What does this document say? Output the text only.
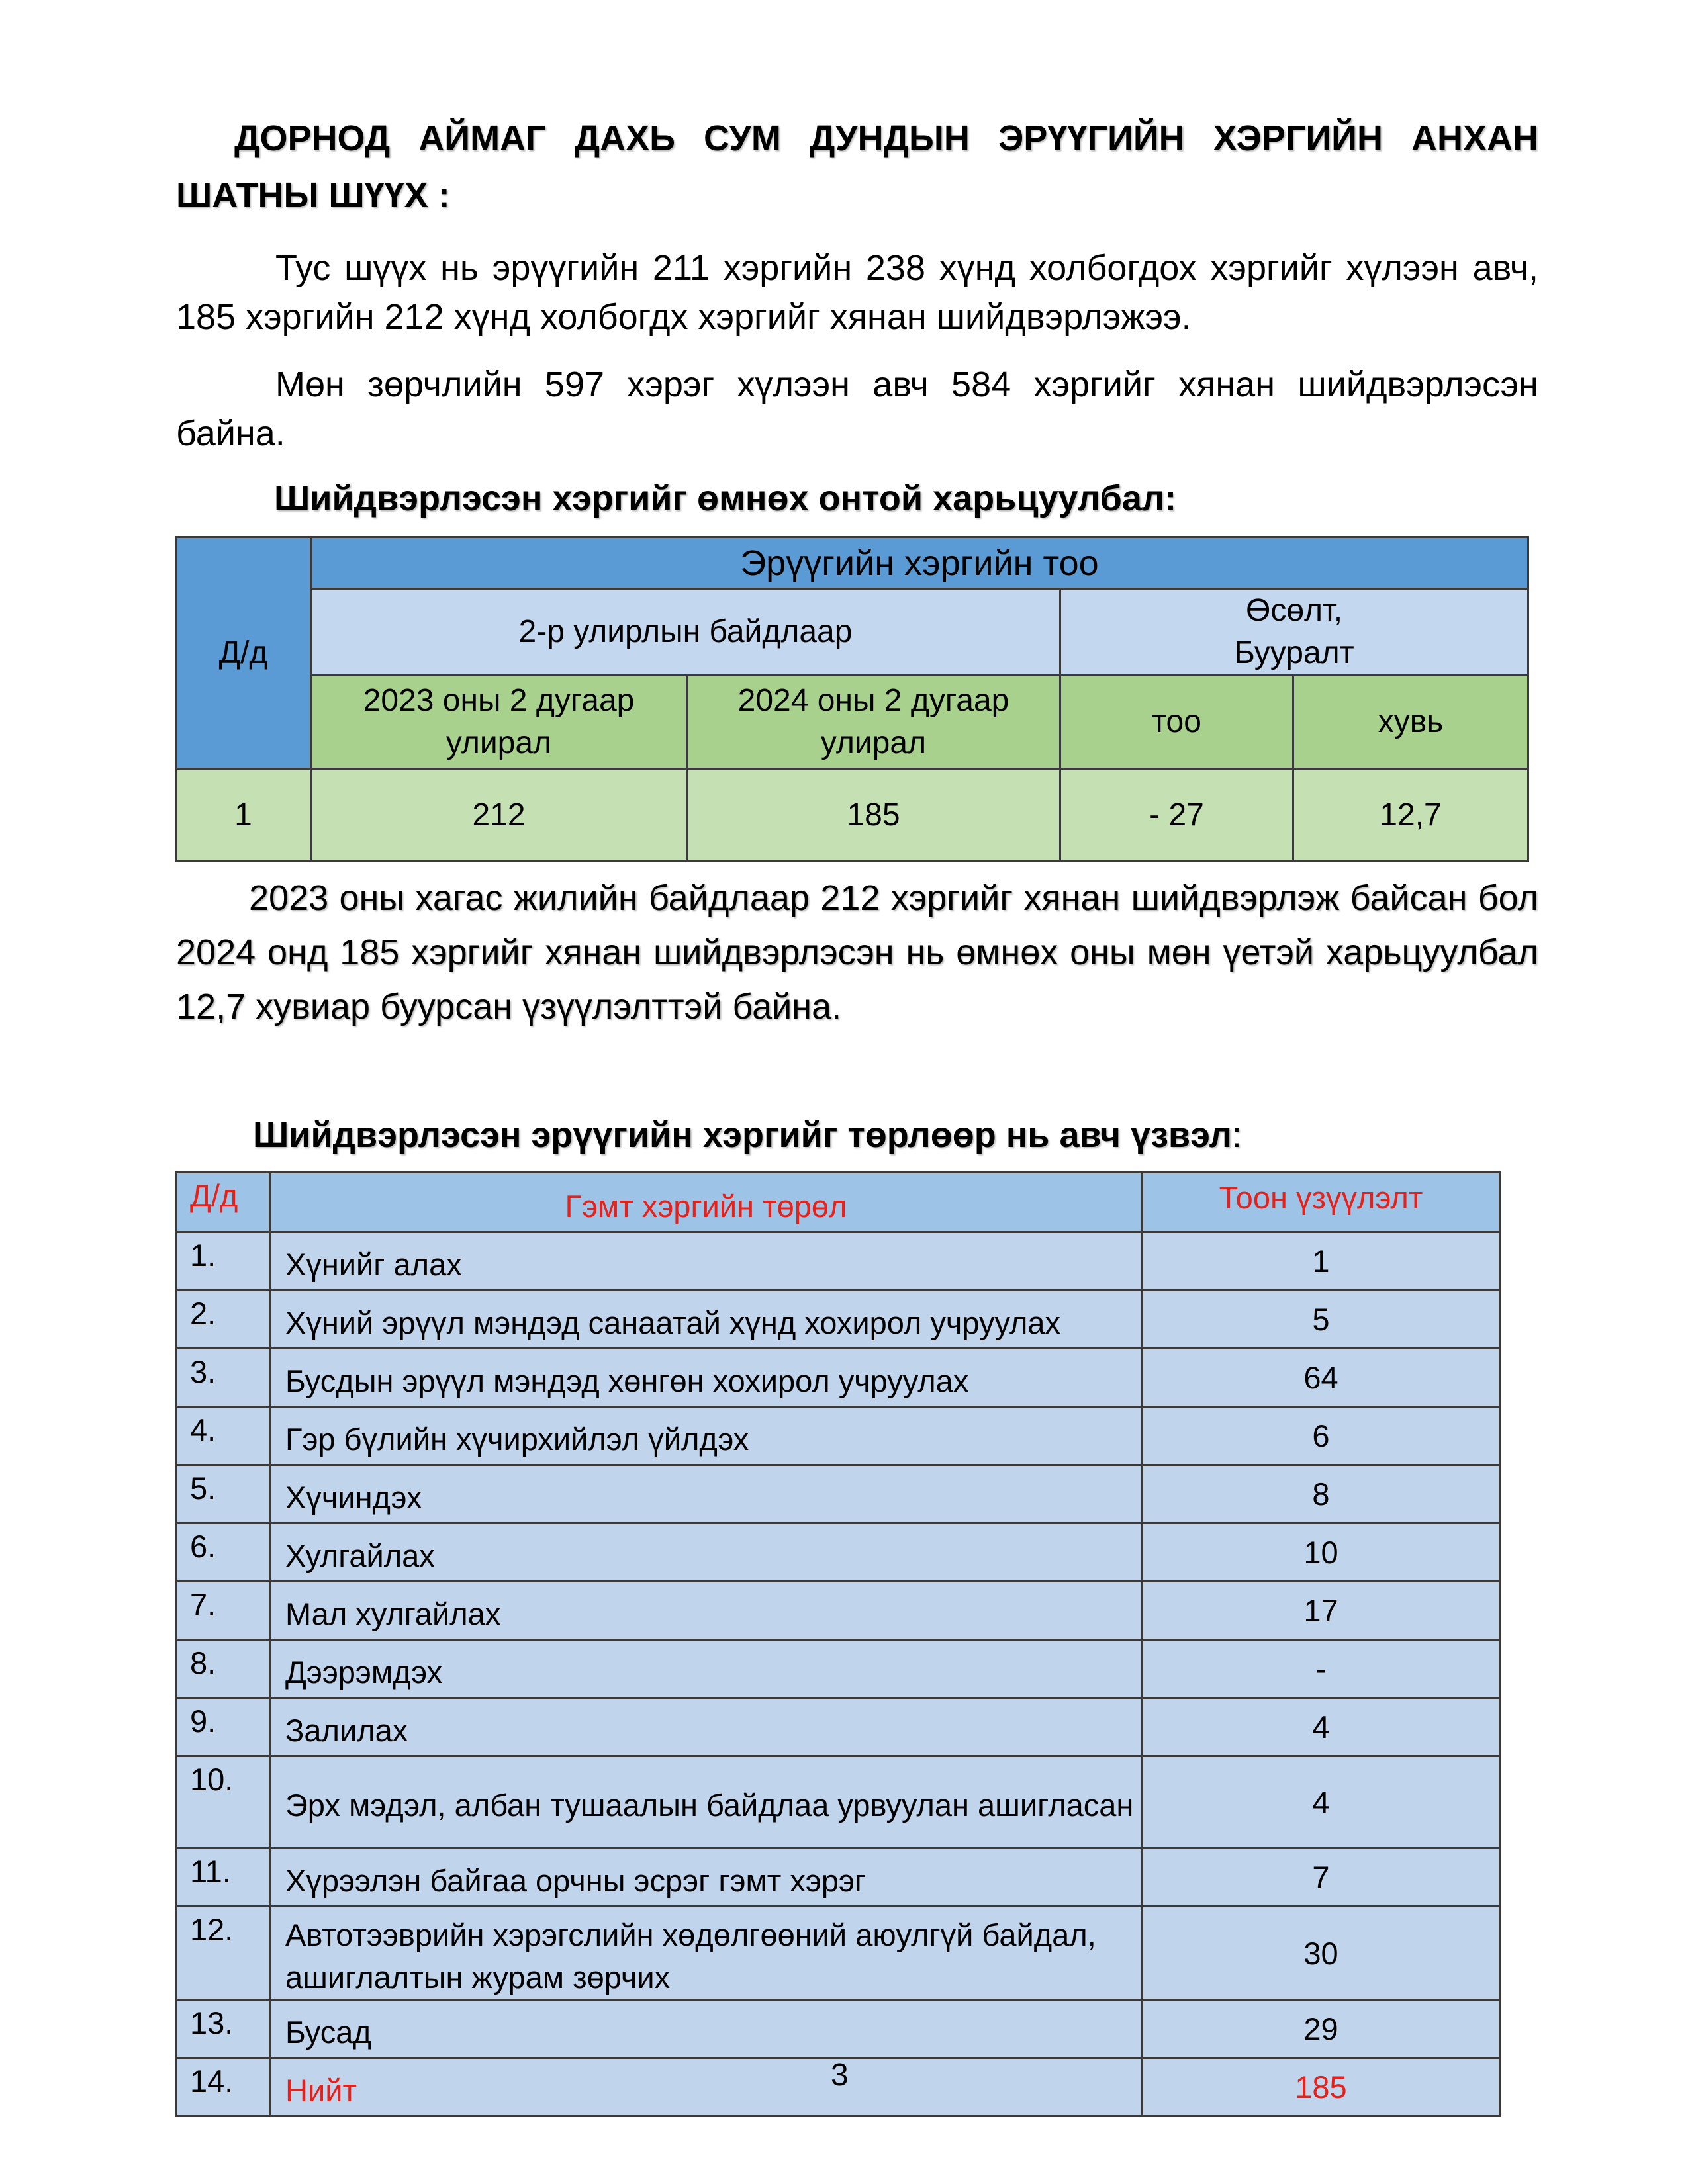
ДОРНОД АЙМАГ ДАХЬ СУМ ДУНДЫН ЭРҮҮГИЙН ХЭРГИЙН АНХАН ШАТНЫ ШҮҮХ :

Тус шүүх нь эрүүгийн 211 хэргийн 238 хүнд холбогдох хэргийг хүлээн авч, 185 хэргийн 212 хүнд холбогдх хэргийг хянан шийдвэрлэжээ.

Мөн зөрчлийн 597 хэрэг хүлээн авч 584 хэргийг хянан шийдвэрлэсэн байна.

Шийдвэрлэсэн хэргийг өмнөх онтой харьцуулбал:

Д/д	Эрүүгийн хэргийн тоо			
	2-р улирлын байдлаар		Өсөлт, Бууралт	
	2023 оны 2 дугаар улирал	2024 оны 2 дугаар улирал	тоо	хувь
1	212	185	- 27	12,7

2023 оны хагас жилийн байдлаар 212 хэргийг хянан шийдвэрлэж байсан бол 2024 онд 185 хэргийг хянан шийдвэрлэсэн нь өмнөх оны мөн үетэй харьцуулбал 12,7 хувиар буурсан үзүүлэлттэй байна.

Шийдвэрлэсэн эрүүгийн хэргийг төрлөөр нь авч үзвэл:

Д/д	Гэмт хэргийн төрөл	Тоон үзүүлэлт
1.	Хүнийг алах	1
2.	Хүний эрүүл мэндэд санаатай хүнд хохирол учруулах	5
3.	Бусдын эрүүл мэндэд хөнгөн хохирол учруулах	64
4.	Гэр бүлийн хүчирхийлэл үйлдэх	6
5.	Хүчиндэх	8
6.	Хулгайлах	10
7.	Мал хулгайлах	17
8.	Дээрэмдэх	-
9.	Залилах	4
10.	Эрх мэдэл, албан тушаалын байдлаа урвуулан ашигласан	4
11.	Хүрээлэн байгаа орчны эсрэг гэмт хэрэг	7
12.	Автотээврийн хэрэгслийн хөдөлгөөний аюулгүй байдал, ашиглалтын журам зөрчих	30
13.	Бусад	29
14.	Нийт	185
3
